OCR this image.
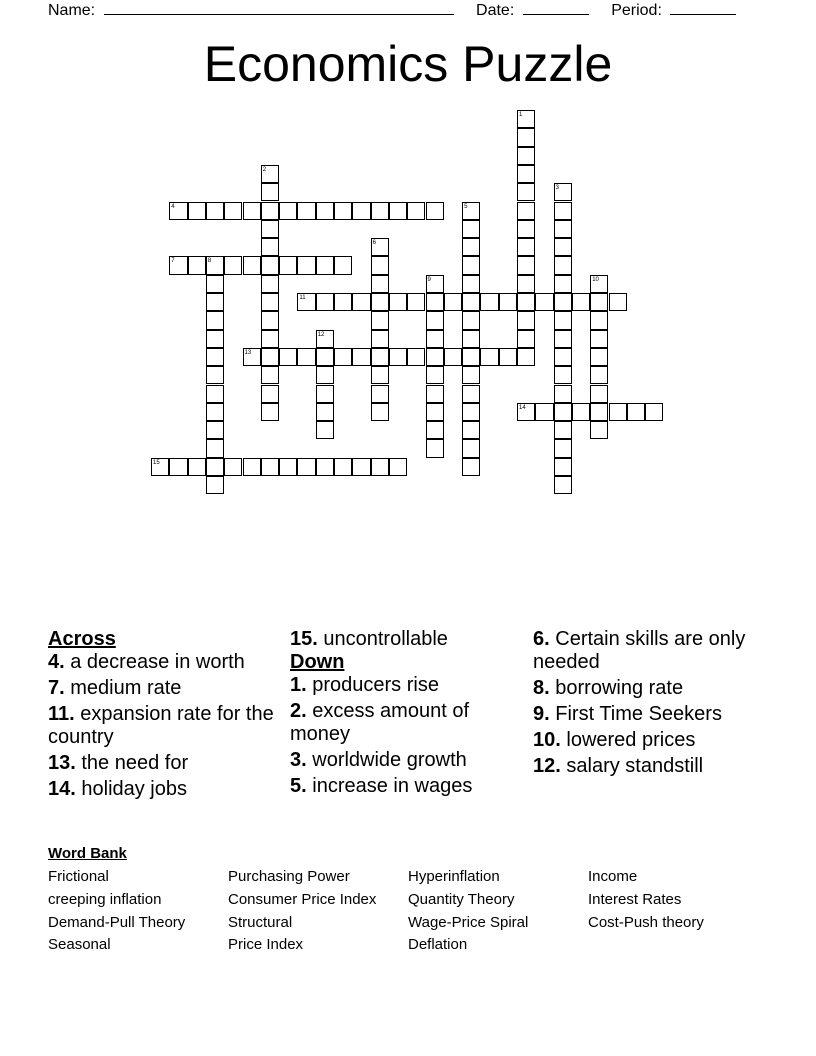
Name:	Date:	Period:
Economics Puzzle
1
2
3
4	5
6
7	8
9	10
11
12
13
14
15
Across
4. a decrease in worth
7. medium rate
11. expansion rate for the country
13. the need for
14. holiday jobs
15. uncontrollable
Down
1. producers rise
2. excess amount of money
3. worldwide growth
5. increase in wages
6. Certain skills are only needed
8. borrowing rate
9. First Time Seekers
10. lowered prices
12. salary standstill
Word Bank
Frictional
creeping inflation
Demand-Pull Theory
Seasonal
Purchasing Power
Consumer Price Index
Structural
Price Index
Hyperinflation
Quantity Theory
Wage-Price Spiral
Deflation
Income
Interest Rates
Cost-Push theory
